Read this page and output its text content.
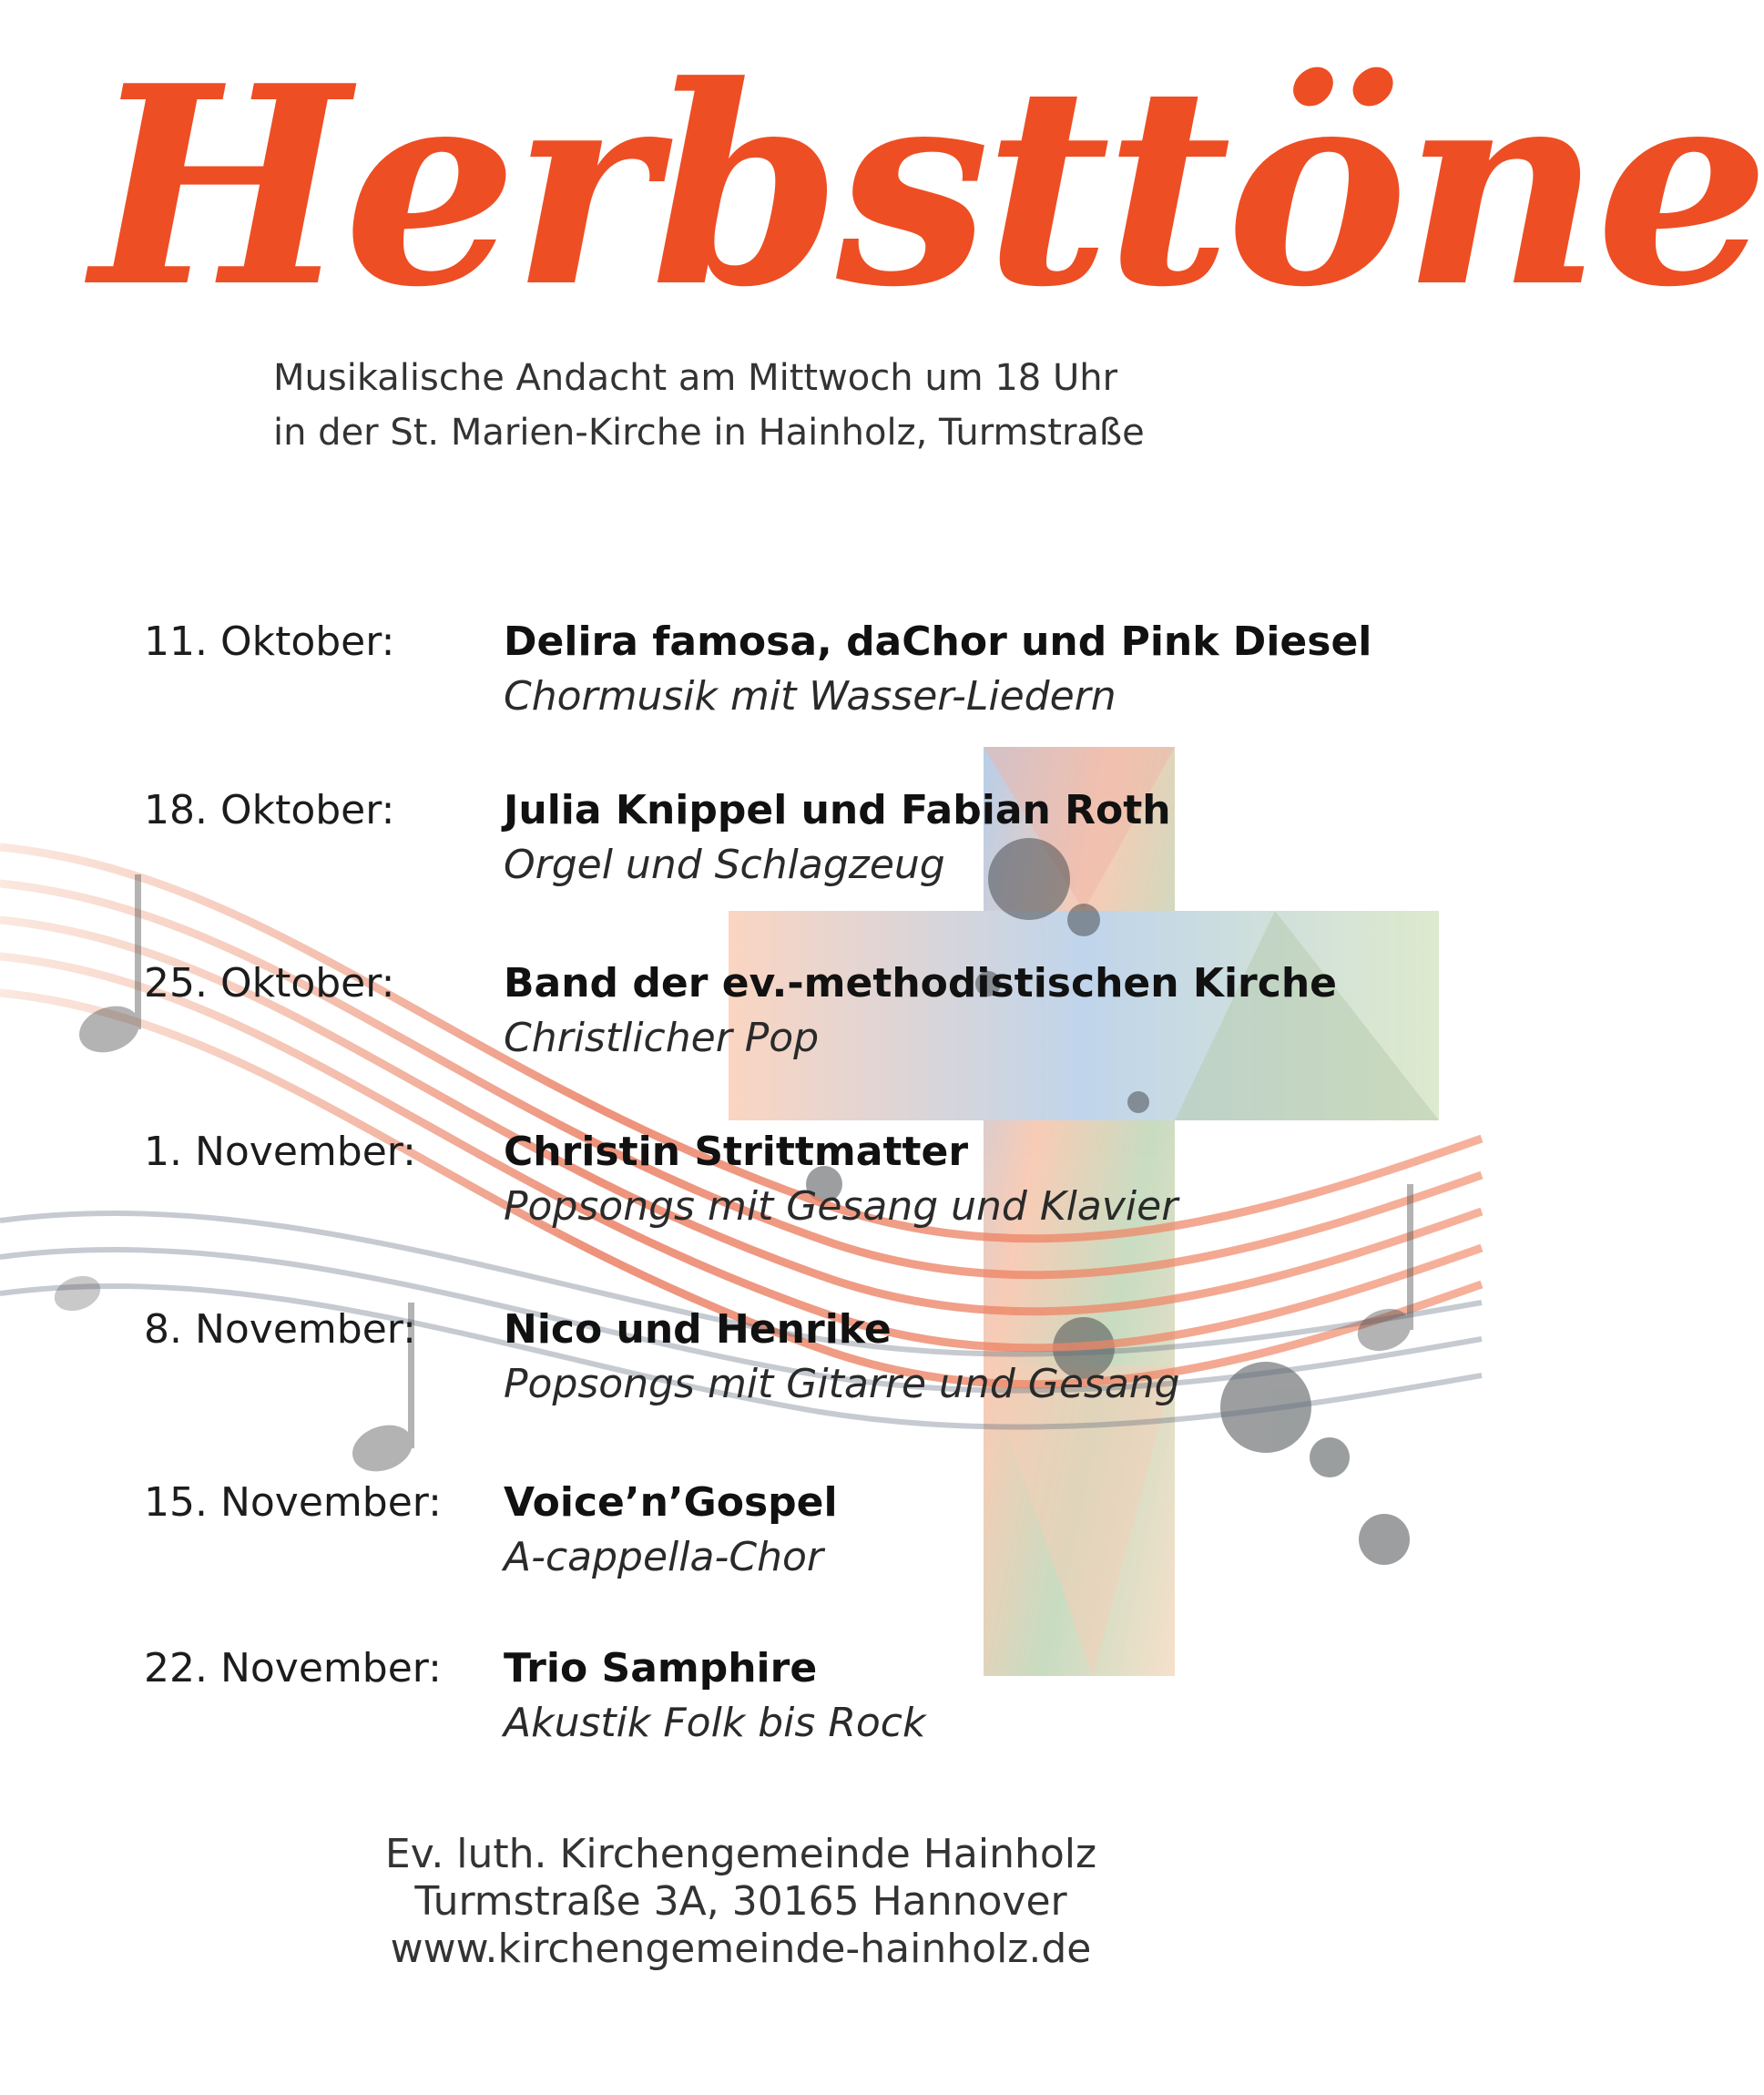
Herbsttöne
Musikalische Andacht am Mittwoch um 18 Uhr
in der St. Marien-Kirche in Hainholz, Turmstraße
11. Oktober:	Delira famosa, daChor und Pink Diesel
Chormusik mit Wasser-Liedern
18. Oktober:	Julia Knippel und Fabian Roth
Orgel und Schlagzeug
25. Oktober:	Band der ev.-methodistischen Kirche
Christlicher Pop
1. November:	Christin Strittmatter
Popsongs mit Gesang und Klavier
8. November:	Nico und Henrike
Popsongs mit Gitarre und Gesang
15. November:	Voice’n’Gospel
A-cappella-Chor
22. November:	Trio Samphire
Akustik Folk bis Rock
Ev. luth. Kirchengemeinde Hainholz
Turmstraße 3A, 30165 Hannover
www.kirchengemeinde-hainholz.de
